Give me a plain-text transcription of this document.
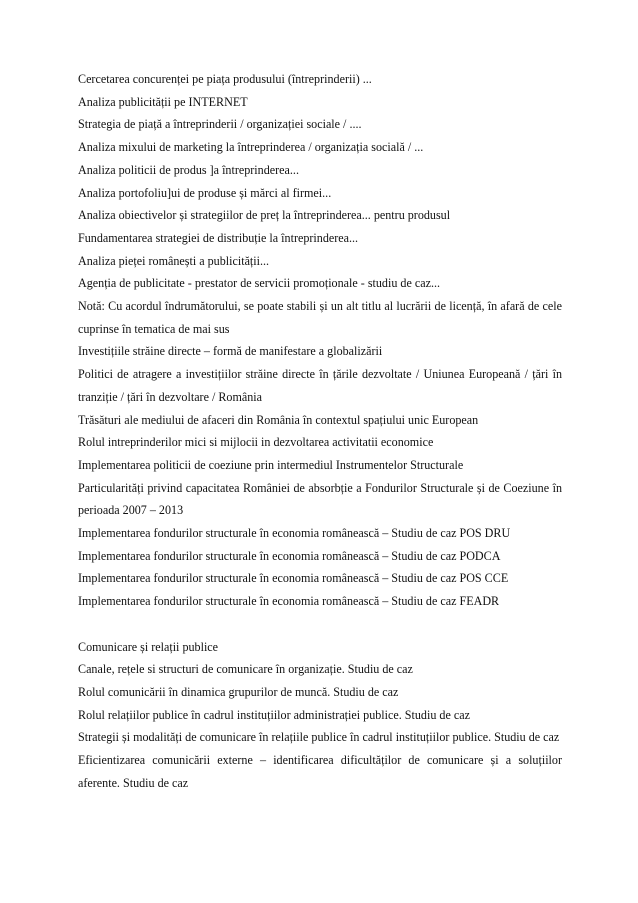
Cercetarea concurenței pe piața produsului (întreprinderii) ...

Analiza publicității pe INTERNET

Strategia de piață a întreprinderii / organizației sociale / ....

Analiza mixului de marketing la întreprinderea / organizația socială / ...

Analiza politicii de produs ]a întreprinderea...

Analiza portofoliu]ui de produse și mărci al firmei...

Analiza obiectivelor și strategiilor de preț la întreprinderea... pentru produsul

Fundamentarea strategiei de distribuție la întreprinderea...

Analiza pieței românești a publicității...

Agenția de publicitate - prestator de servicii promoționale - studiu de caz...

Notă: Cu acordul îndrumătorului, se poate stabili și un alt titlu al lucrării de licență, în afară de cele cuprinse în tematica de mai sus

Investițiile străine directe – formă de manifestare a globalizării

Politici de atragere a investițiilor străine directe în țările dezvoltate / Uniunea Europeană / țări în tranziție / țări în dezvoltare / România

Trăsături ale mediului de afaceri din România în contextul spațiului unic European

Rolul intreprinderilor mici si mijlocii in dezvoltarea activitatii economice

Implementarea politicii de coeziune prin intermediul Instrumentelor Structurale

Particularități privind capacitatea României de absorbție a Fondurilor Structurale și de Coeziune în perioada 2007 – 2013

Implementarea fondurilor structurale în economia românească – Studiu de caz POS DRU

Implementarea fondurilor structurale în economia românească – Studiu de caz PODCA

Implementarea fondurilor structurale în economia românească – Studiu de caz POS CCE

Implementarea fondurilor structurale în economia românească – Studiu de caz FEADR

Comunicare și relații publice

Canale, rețele si structuri de comunicare în organizație. Studiu de caz

Rolul comunicării în dinamica grupurilor de muncă. Studiu de caz

Rolul relațiilor publice în cadrul instituțiilor administrației publice. Studiu de caz

Strategii și modalități de comunicare în relațiile publice în cadrul instituțiilor publice. Studiu de caz

Eficientizarea comunicării externe – identificarea dificultăților de comunicare și a soluțiilor aferente. Studiu de caz
